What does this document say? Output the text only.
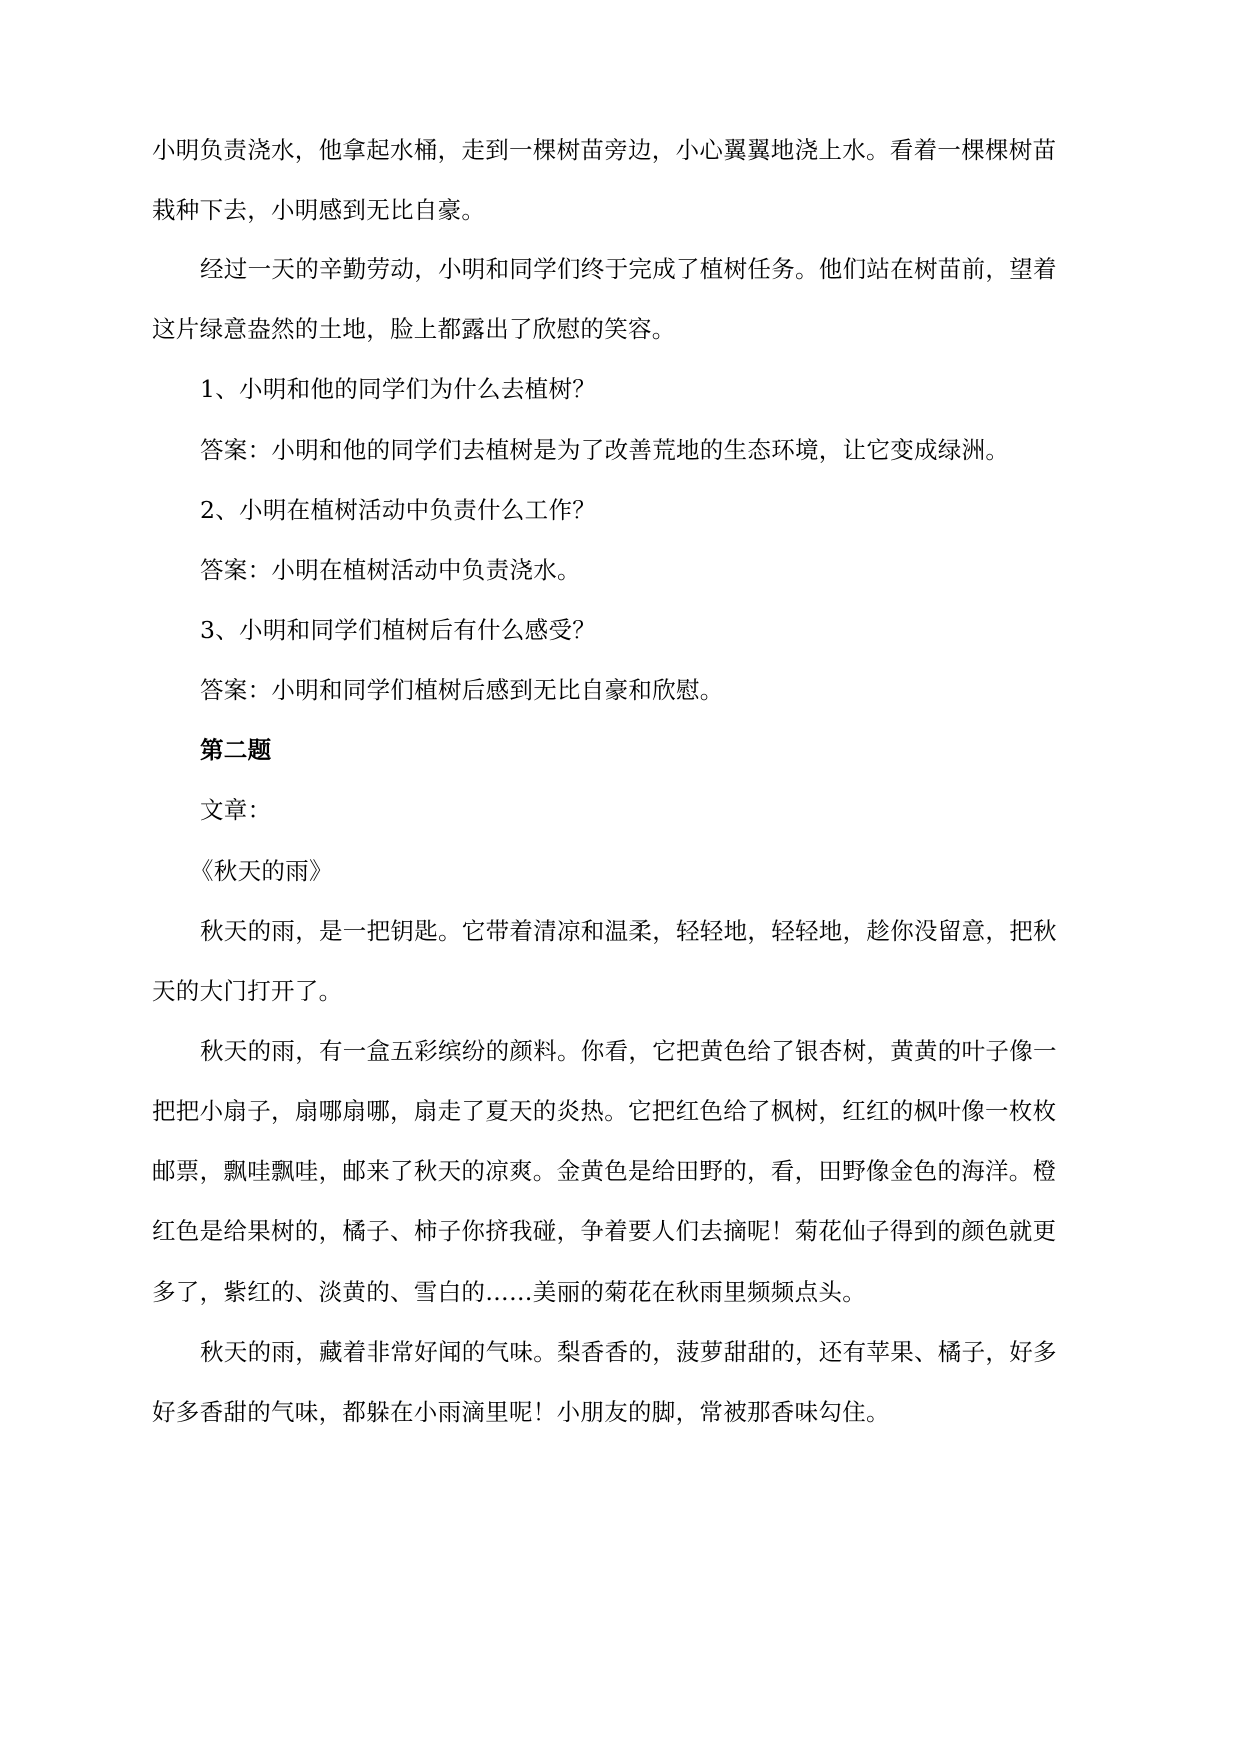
小明负责浇水，他拿起水桶，走到一棵树苗旁边，小心翼翼地浇上水。看着一棵棵树苗
栽种下去，小明感到无比自豪。
经过一天的辛勤劳动，小明和同学们终于完成了植树任务。他们站在树苗前，望着
这片绿意盎然的土地，脸上都露出了欣慰的笑容。
1、小明和他的同学们为什么去植树？
答案：小明和他的同学们去植树是为了改善荒地的生态环境，让它变成绿洲。
2、小明在植树活动中负责什么工作？
答案：小明在植树活动中负责浇水。
3、小明和同学们植树后有什么感受？
答案：小明和同学们植树后感到无比自豪和欣慰。
第二题
文章：
《秋天的雨》
秋天的雨，是一把钥匙。它带着清凉和温柔，轻轻地，轻轻地，趁你没留意，把秋
天的大门打开了。
秋天的雨，有一盒五彩缤纷的颜料。你看，它把黄色给了银杏树，黄黄的叶子像一
把把小扇子，扇哪扇哪，扇走了夏天的炎热。它把红色给了枫树，红红的枫叶像一枚枚
邮票，飘哇飘哇，邮来了秋天的凉爽。金黄色是给田野的，看，田野像金色的海洋。橙
红色是给果树的，橘子、柿子你挤我碰，争着要人们去摘呢！菊花仙子得到的颜色就更
多了，紫红的、淡黄的、雪白的……美丽的菊花在秋雨里频频点头。
秋天的雨，藏着非常好闻的气味。梨香香的，菠萝甜甜的，还有苹果、橘子，好多
好多香甜的气味，都躲在小雨滴里呢！小朋友的脚，常被那香味勾住。
